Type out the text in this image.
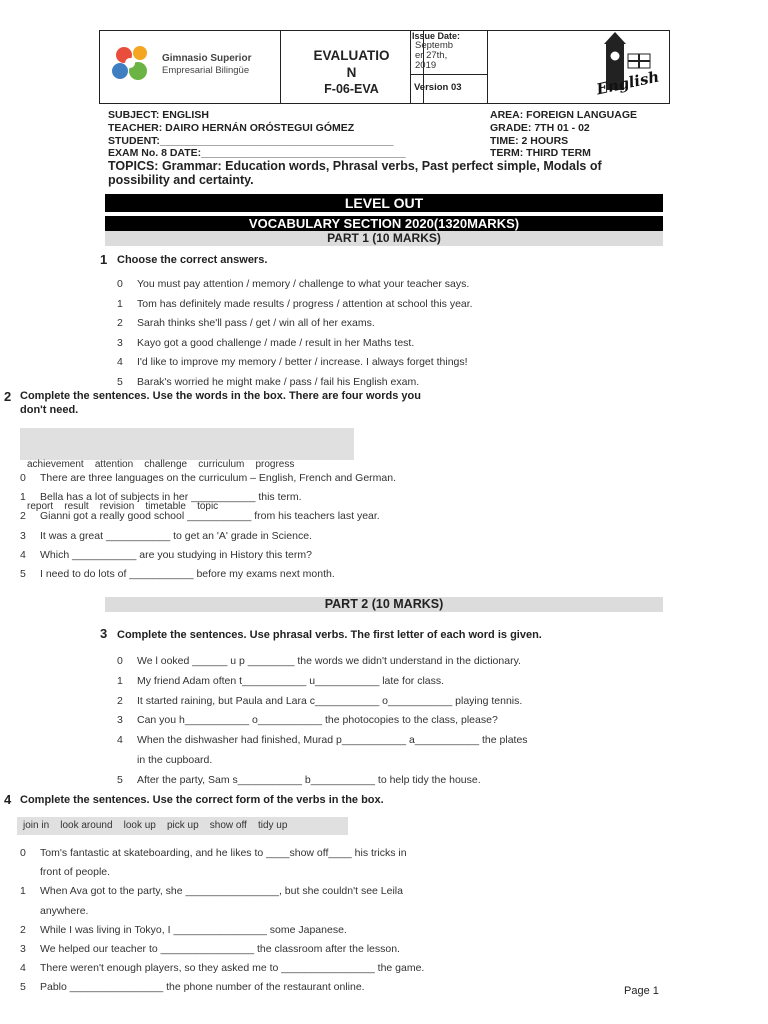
Gimnasio Superior
Empresarial Bilingüe
EVALUATIO
N
F-06-EVA
Issue Date:
Septemb
er 27th,
2019
Version 03	English
SUBJECT: ENGLISH	AREA: FOREIGN LANGUAGE
TEACHER: DAIRO HERNÁN ORÓSTEGUI GÓMEZ	GRADE: 7TH 01 - 02
STUDENT:________________________________________	TIME: 2 HOURS
EXAM No. 8 DATE:___________________________________	TERM: THIRD TERM
TOPICS: Grammar: Education words, Phrasal verbs, Past perfect simple, Modals of possibility and certainty.
LEVEL OUT
VOCABULARY SECTION 2020(1320MARKS)
PART 1 (10 MARKS)
1 Choose the correct answers.
0 You must pay attention / memory / challenge to what your teacher says.
1 Tom has definitely made results / progress / attention at school this year.
2 Sarah thinks she'll pass / get / win all of her exams.
3 Kayo got a good challenge / made / result in her Maths test.
4 I'd like to improve my memory / better / increase. I always forget things!
5 Barak's worried he might make / pass / fail his English exam.
2 Complete the sentences. Use the words in the box. There are four words you
don't need.

achievement    attention    challenge    curriculum    progress

report    result    revision    timetable    topic

0 There are three languages on the curriculum – English, French and German.
1 Bella has a lot of subjects in her ___________ this term.
2 Gianni got a really good school ___________ from his teachers last year.
3 It was a great ___________ to get an 'A' grade in Science.
4 Which ___________ are you studying in History this term?
5 I need to do lots of ___________ before my exams next month.
PART 2 (10 MARKS)
3 Complete the sentences. Use phrasal verbs. The first letter of each word is given.
0 We l ooked ______ u p ________ the words we didn't understand in the dictionary.
1 My friend Adam often t___________ u___________ late for class.
2 It started raining, but Paula and Lara c___________ o___________ playing tennis.
3 Can you h___________ o___________ the photocopies to the class, please?
4 When the dishwasher had finished, Murad p___________ a___________ the plates
in the cupboard.
5 After the party, Sam s___________ b___________ to help tidy the house.
4 Complete the sentences. Use the correct form of the verbs in the box.
join in    look around    look up    pick up    show off    tidy up
0 Tom's fantastic at skateboarding, and he likes to ____show off____ his tricks in
front of people.
1 When Ava got to the party, she ________________, but she couldn't see Leila
anywhere.
2 While I was living in Tokyo, I ________________ some Japanese.
3 We helped our teacher to ________________ the classroom after the lesson.
4 There weren't enough players, so they asked me to ________________ the game.
5 Pablo ________________ the phone number of the restaurant online.	Page 1
